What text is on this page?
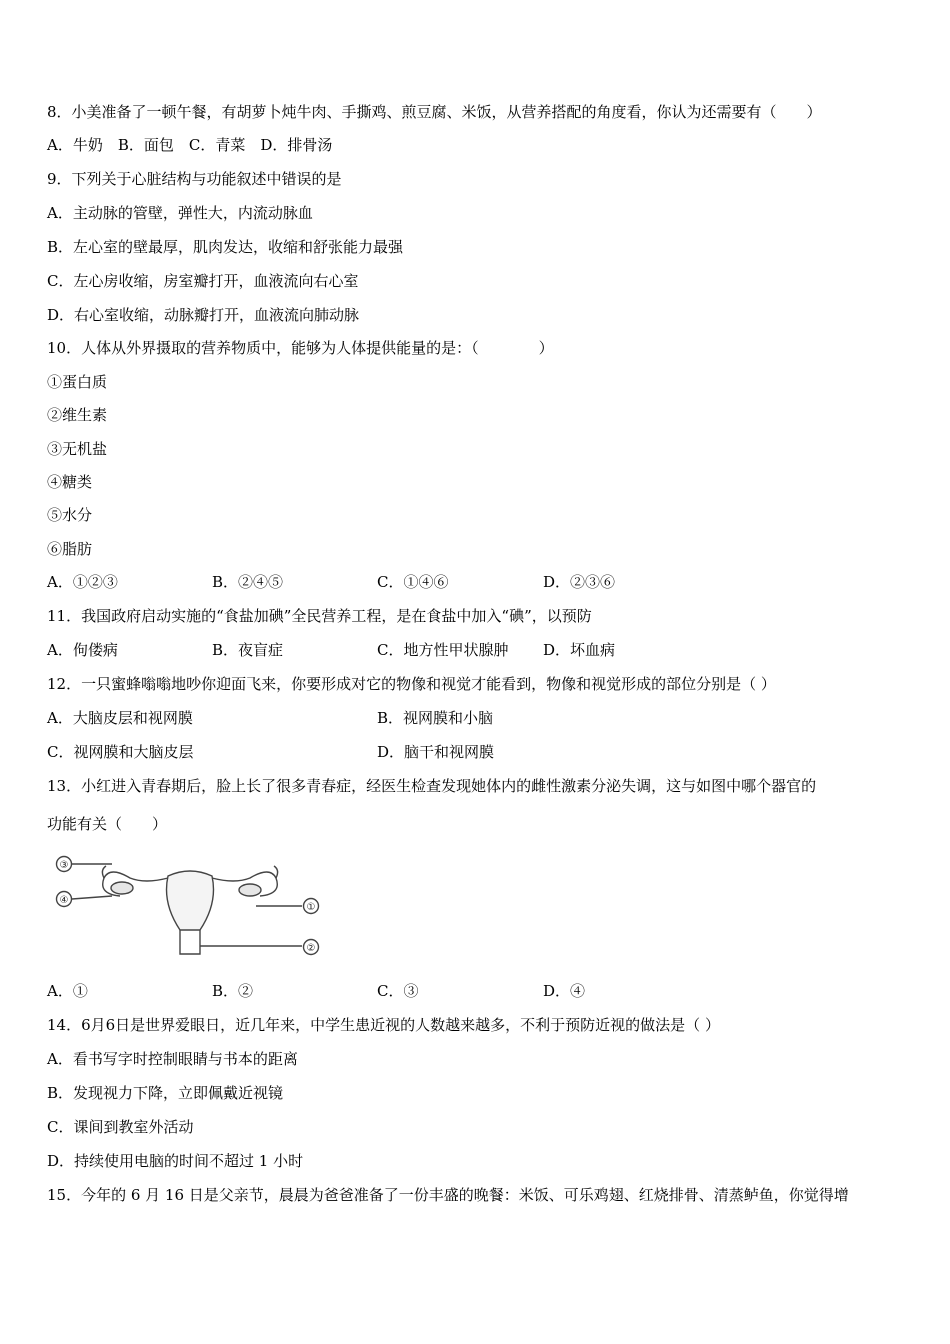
8．小美准备了一顿午餐，有胡萝卜炖牛肉、手撕鸡、煎豆腐、米饭，从营养搭配的角度看，你认为还需要有（　　）
A．牛奶　B．面包　C．青菜　D．排骨汤
9．下列关于心脏结构与功能叙述中错误的是
A．主动脉的管壁，弹性大，内流动脉血
B．左心室的壁最厚，肌肉发达，收缩和舒张能力最强
C．左心房收缩，房室瓣打开，血液流向右心室
D．右心室收缩，动脉瓣打开，血液流向肺动脉
10．人体从外界摄取的营养物质中，能够为人体提供能量的是：（　　　　）
①蛋白质
②维生素
③无机盐
④糖类
⑤水分
⑥脂肪
A．①②③	B．②④⑤	C．①④⑥	D．②③⑥
11．我国政府启动实施的“食盐加碘”全民营养工程，是在食盐中加入“碘”，以预防
A．佝偻病	B．夜盲症	C．地方性甲状腺肿 D．坏血病
12．一只蜜蜂嗡嗡地吵你迎面飞来，你要形成对它的物像和视觉才能看到，物像和视觉形成的部位分别是（ ）
A．大脑皮层和视网膜	B．视网膜和小脑
C．视网膜和大脑皮层	D．脑干和视网膜
13．小红进入青春期后，脸上长了很多青春症，经医生检查发现她体内的雌性激素分泌失调，这与如图中哪个器官的
功能有关（　　）
③
④
①
②
A．①	B．②	C．③	D．④
14．6月6日是世界爱眼日，近几年来，中学生患近视的人数越来越多，不利于预防近视的做法是（ ）
A．看书写字时控制眼睛与书本的距离
B．发现视力下降，立即佩戴近视镜
C．课间到教室外活动
D．持续使用电脑的时间不超过 1 小时
15．今年的 6 月 16 日是父亲节，晨晨为爸爸准备了一份丰盛的晚餐：米饭、可乐鸡翅、红烧排骨、清蒸鲈鱼，你觉得增
